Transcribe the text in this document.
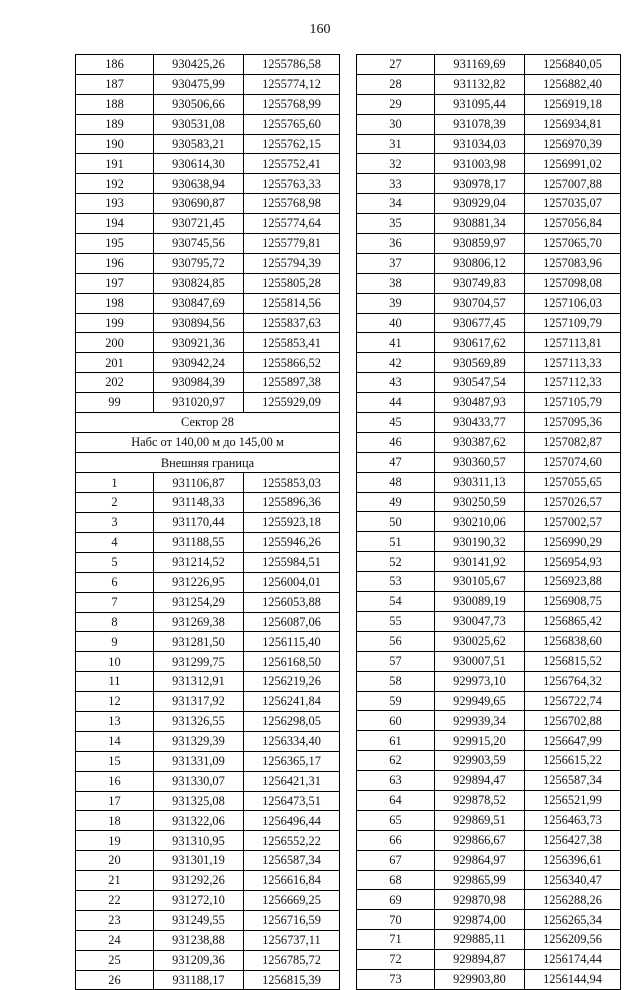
160
186	930425,26	1255786,58
187	930475,99	1255774,12
188	930506,66	1255768,99
189	930531,08	1255765,60
190	930583,21	1255762,15
191	930614,30	1255752,41
192	930638,94	1255763,33
193	930690,87	1255768,98
194	930721,45	1255774,64
195	930745,56	1255779,81
196	930795,72	1255794,39
197	930824,85	1255805,28
198	930847,69	1255814,56
199	930894,56	1255837,63
200	930921,36	1255853,41
201	930942,24	1255866,52
202	930984,39	1255897,38
99	931020,97	1255929,09
Сектор 28		
Набс от 140,00 м до 145,00 м		
Внешняя граница		
1	931106,87	1255853,03
2	931148,33	1255896,36
3	931170,44	1255923,18
4	931188,55	1255946,26
5	931214,52	1255984,51
6	931226,95	1256004,01
7	931254,29	1256053,88
8	931269,38	1256087,06
9	931281,50	1256115,40
10	931299,75	1256168,50
11	931312,91	1256219,26
12	931317,92	1256241,84
13	931326,55	1256298,05
14	931329,39	1256334,40
15	931331,09	1256365,17
16	931330,07	1256421,31
17	931325,08	1256473,51
18	931322,06	1256496,44
19	931310,95	1256552,22
20	931301,19	1256587,34
21	931292,26	1256616,84
22	931272,10	1256669,25
23	931249,55	1256716,59
24	931238,88	1256737,11
25	931209,36	1256785,72
26	931188,17	1256815,39
27	931169,69	1256840,05
28	931132,82	1256882,40
29	931095,44	1256919,18
30	931078,39	1256934,81
31	931034,03	1256970,39
32	931003,98	1256991,02
33	930978,17	1257007,88
34	930929,04	1257035,07
35	930881,34	1257056,84
36	930859,97	1257065,70
37	930806,12	1257083,96
38	930749,83	1257098,08
39	930704,57	1257106,03
40	930677,45	1257109,79
41	930617,62	1257113,81
42	930569,89	1257113,33
43	930547,54	1257112,33
44	930487,93	1257105,79
45	930433,77	1257095,36
46	930387,62	1257082,87
47	930360,57	1257074,60
48	930311,13	1257055,65
49	930250,59	1257026,57
50	930210,06	1257002,57
51	930190,32	1256990,29
52	930141,92	1256954,93
53	930105,67	1256923,88
54	930089,19	1256908,75
55	930047,73	1256865,42
56	930025,62	1256838,60
57	930007,51	1256815,52
58	929973,10	1256764,32
59	929949,65	1256722,74
60	929939,34	1256702,88
61	929915,20	1256647,99
62	929903,59	1256615,22
63	929894,47	1256587,34
64	929878,52	1256521,99
65	929869,51	1256463,73
66	929866,67	1256427,38
67	929864,97	1256396,61
68	929865,99	1256340,47
69	929870,98	1256288,26
70	929874,00	1256265,34
71	929885,11	1256209,56
72	929894,87	1256174,44
73	929903,80	1256144,94
